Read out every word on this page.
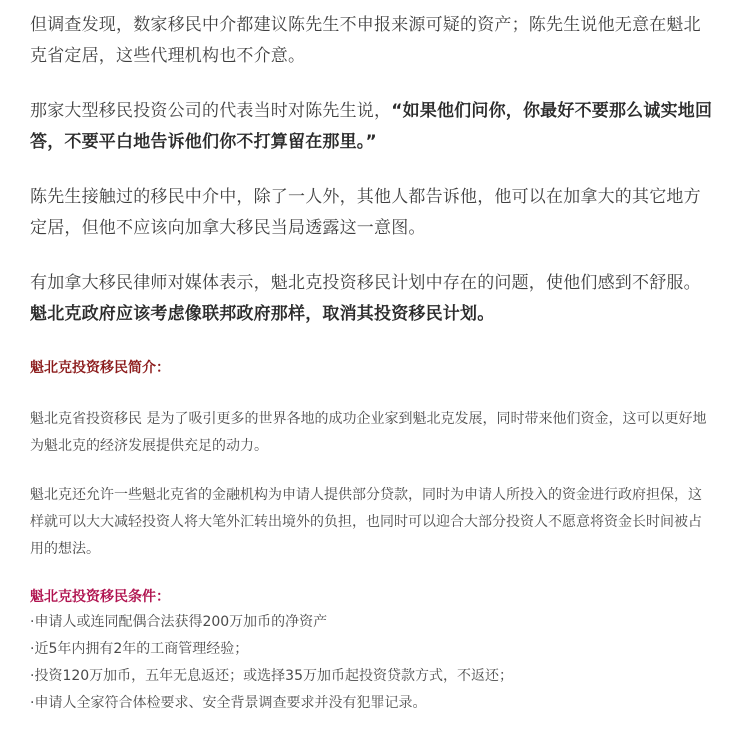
但调查发现，数家移民中介都建议陈先生不申报来源可疑的资产；陈先生说他无意在魁北克省定居，这些代理机构也不介意。

那家大型移民投资公司的代表当时对陈先生说，“如果他们问你，你最好不要那么诚实地回答，不要平白地告诉他们你不打算留在那里。”

陈先生接触过的移民中介中，除了一人外，其他人都告诉他，他可以在加拿大的其它地方定居，但他不应该向加拿大移民当局透露这一意图。

有加拿大移民律师对媒体表示，魁北克投资移民计划中存在的问题，使他们感到不舒服。魁北克政府应该考虑像联邦政府那样，取消其投资移民计划。

魁北克投资移民简介：

魁北克省投资移民 是为了吸引更多的世界各地的成功企业家到魁北克发展，同时带来他们资金，这可以更好地为魁北克的经济发展提供充足的动力。

魁北克还允许一些魁北克省的金融机构为申请人提供部分贷款，同时为申请人所投入的资金进行政府担保，这样就可以大大减轻投资人将大笔外汇转出境外的负担，也同时可以迎合大部分投资人不愿意将资金长时间被占用的想法。

魁北克投资移民条件：
·申请人或连同配偶合法获得200万加币的净资产
·近5年内拥有2年的工商管理经验；
·投资120万加币，五年无息返还；或选择35万加币起投资贷款方式，不返还；
·申请人全家符合体检要求、安全背景调查要求并没有犯罪记录。
